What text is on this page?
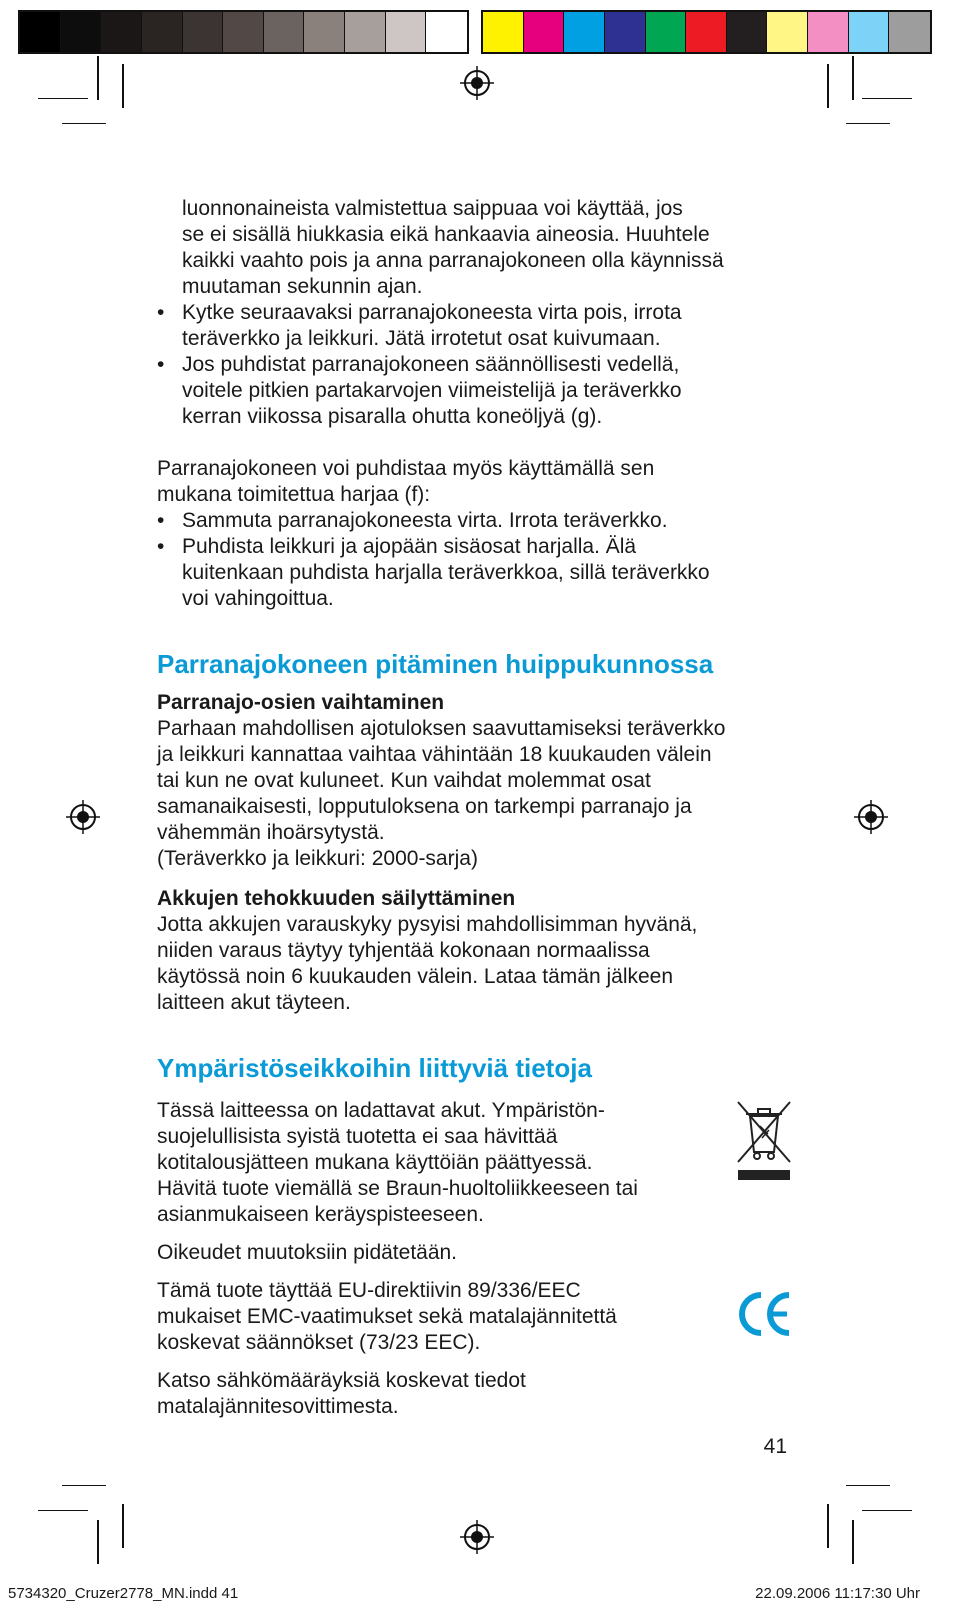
luonnonaineista valmistettua saippuaa voi käyttää, jos

se ei sisällä hiukkasia eikä hankaavia aineosia. Huuhtele

kaikki vaahto pois ja anna parranajokoneen olla käynnissä

muutaman sekunnin ajan.

• Kytke seuraavaksi parranajokoneesta virta pois, irrota

teräverkko ja leikkuri. Jätä irrotetut osat kuivumaan.

• Jos puhdistat parranajokoneen säännöllisesti vedellä,

voitele pitkien partakarvojen viimeistelijä ja teräverkko

kerran viikossa pisaralla ohutta koneöljyä (g).

Parranajokoneen voi puhdistaa myös käyttämällä sen

mukana toimitettua harjaa (f):

• Sammuta parranajokoneesta virta. Irrota teräverkko.

• Puhdista leikkuri ja ajopään sisäosat harjalla. Älä

kuitenkaan puhdista harjalla teräverkkoa, sillä teräverkko

voi vahingoittua.

Parranajokoneen pitäminen huippukunnossa

Parranajo-osien vaihtaminen

Parhaan mahdollisen ajotuloksen saavuttamiseksi teräverkko

ja leikkuri kannattaa vaihtaa vähintään 18 kuukauden välein

tai kun ne ovat kuluneet. Kun vaihdat molemmat osat

samanaikaisesti, lopputuloksena on tarkempi parranajo ja

vähemmän ihoärsytystä.

(Teräverkko ja leikkuri: 2000-sarja)

Akkujen tehokkuuden säilyttäminen

Jotta akkujen varauskyky pysyisi mahdollisimman hyvänä,

niiden varaus täytyy tyhjentää kokonaan normaalissa

käytössä noin 6 kuukauden välein. Lataa tämän jälkeen

laitteen akut täyteen.

Ympäristöseikkoihin liittyviä tietoja

Tässä laitteessa on ladattavat akut. Ympäristön-

suojelullisista syistä tuotetta ei saa hävittää

kotitalousjätteen mukana käyttöiän päättyessä.

Hävitä tuote viemällä se Braun-huoltoliikkeeseen tai

asianmukaiseen keräyspisteeseen.

Oikeudet muutoksiin pidätetään.

Tämä tuote täyttää EU-direktiivin 89/336/EEC

mukaiset EMC-vaatimukset sekä matalajännitettä

koskevat säännökset (73/23 EEC).

Katso sähkömääräyksiä koskevat tiedot

matalajännitesovittimesta.

41
5734320_Cruzer2778_MN.indd 41	22.09.2006 11:17:30 Uhr
